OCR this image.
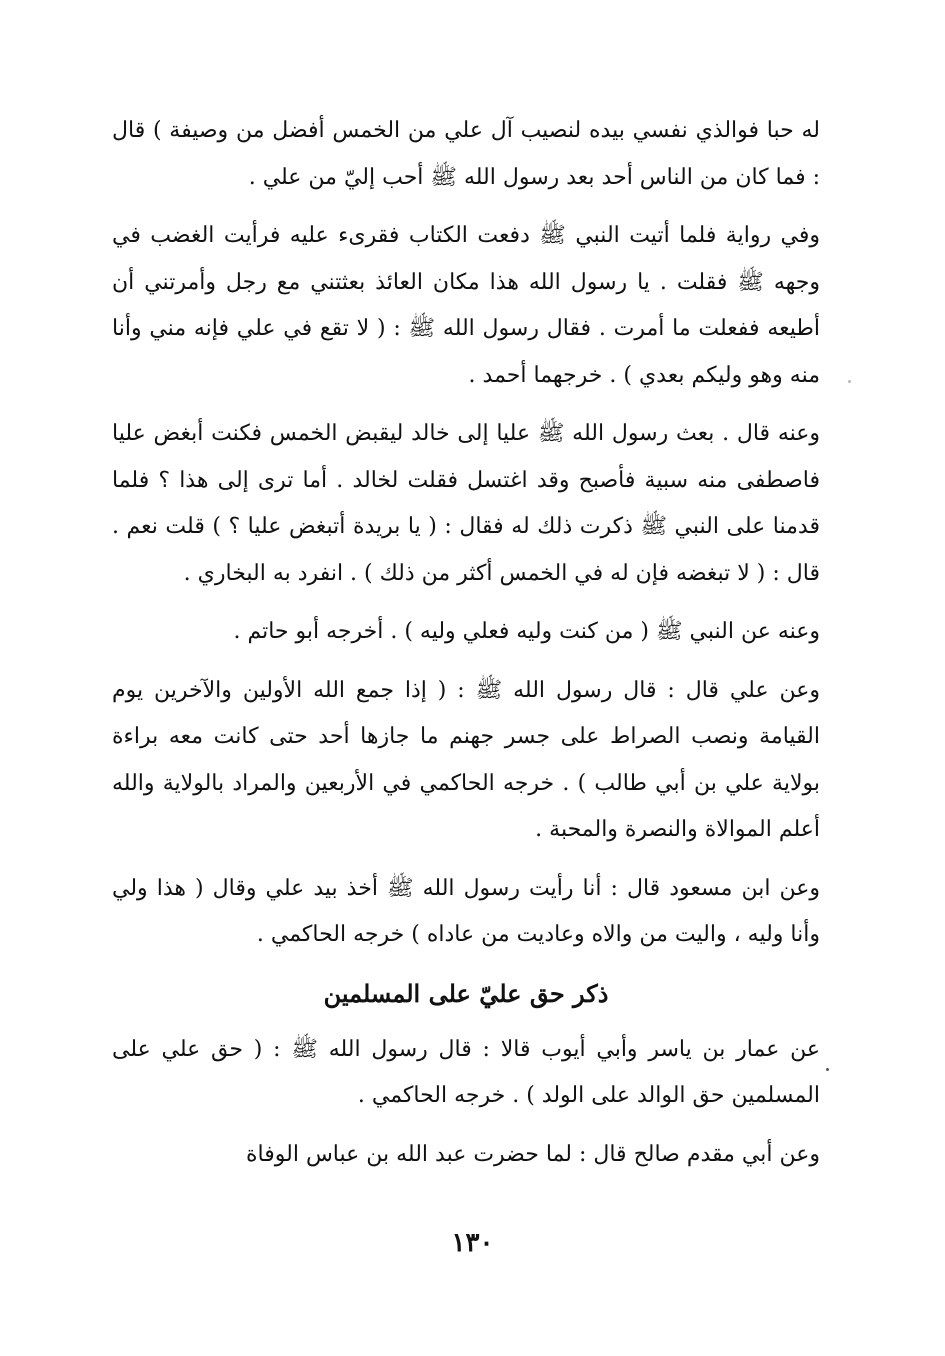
له حبا فوالذي نفسي بيده لنصيب آل علي من الخمس أفضل من وصيفة ) قال : فما كان من الناس أحد بعد رسول الله ﷺ أحب إليّ من علي .

وفي رواية فلما أتيت النبي ﷺ دفعت الكتاب فقرىء عليه فرأيت الغضب في وجهه ﷺ فقلت . يا رسول الله هذا مكان العائذ بعثتني مع رجل وأمرتني أن أطيعه ففعلت ما أمرت . فقال رسول الله ﷺ : ( لا تقع في علي فإنه مني وأنا منه وهو وليكم بعدي ) . خرجهما أحمد .

وعنه قال . بعث رسول الله ﷺ عليا إلى خالد ليقبض الخمس فكنت أبغض عليا فاصطفى منه سبية فأصبح وقد اغتسل فقلت لخالد . أما ترى إلى هذا ؟ فلما قدمنا على النبي ﷺ ذكرت ذلك له فقال : ( يا بريدة أتبغض عليا ؟ ) قلت نعم . قال : ( لا تبغضه فإن له في الخمس أكثر من ذلك ) . انفرد به البخاري .

وعنه عن النبي ﷺ ( من كنت وليه فعلي وليه ) . أخرجه أبو حاتم .

وعن علي قال : قال رسول الله ﷺ : ( إذا جمع الله الأولين والآخرين يوم القيامة ونصب الصراط على جسر جهنم ما جازها أحد حتى كانت معه براءة بولاية علي بن أبي طالب ) . خرجه الحاكمي في الأربعين والمراد بالولاية والله أعلم الموالاة والنصرة والمحبة .

وعن ابن مسعود قال : أنا رأيت رسول الله ﷺ أخذ بيد علي وقال ( هذا ولي وأنا وليه ، واليت من والاه وعاديت من عاداه ) خرجه الحاكمي .

ذكر حق عليّ على المسلمين

عن عمار بن ياسر وأبي أيوب قالا : قال رسول الله ﷺ : ( حق علي على المسلمين حق الوالد على الولد ) . خرجه الحاكمي .

وعن أبي مقدم صالح قال : لما حضرت عبد الله بن عباس الوفاة

١٣٠
